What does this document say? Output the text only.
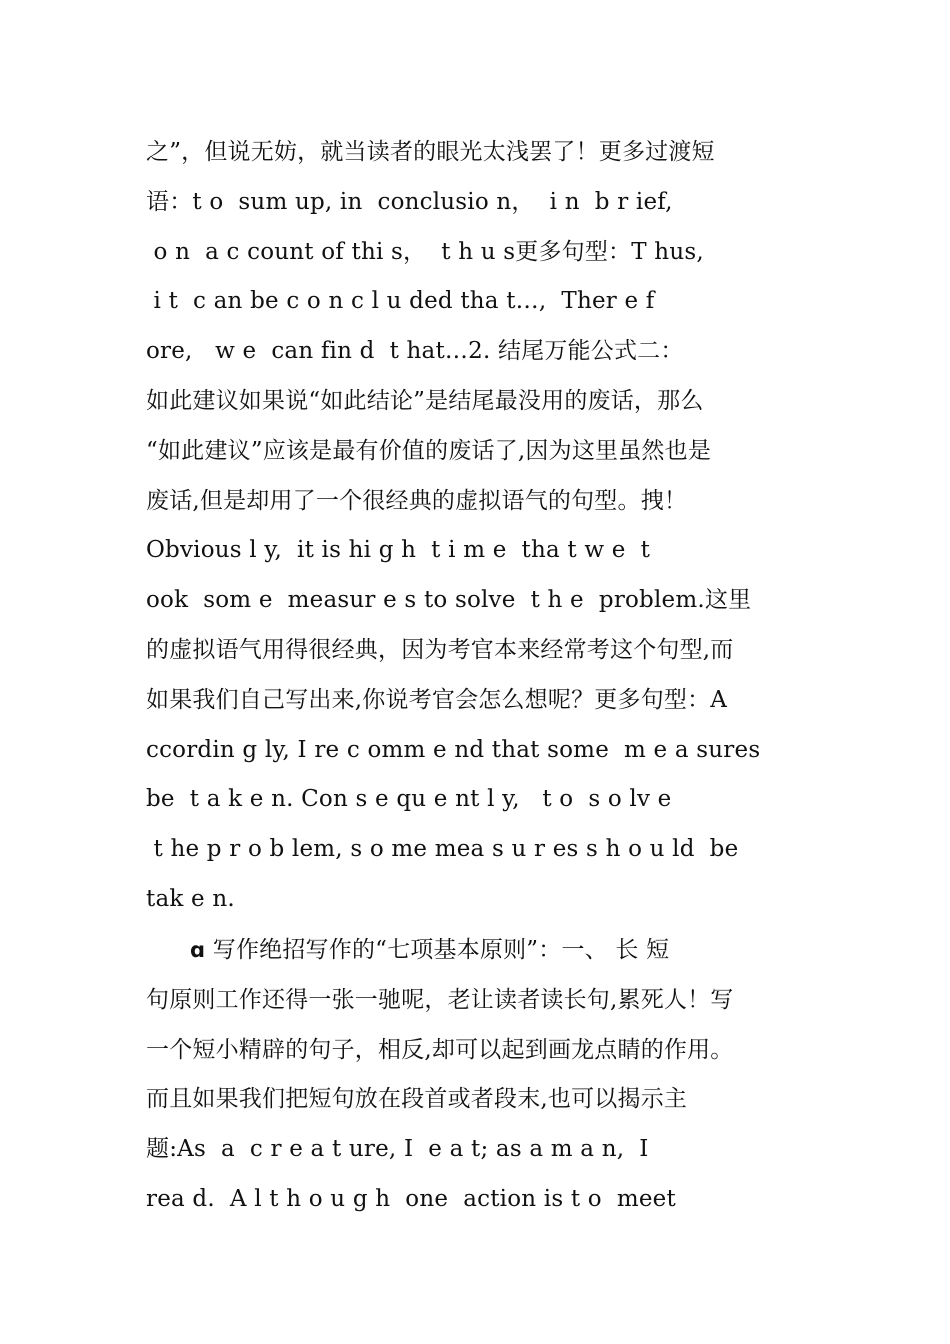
之”，但说无妨，就当读者的眼光太浅罢了！更多过渡短
语：t o  sum up, in  conclusio n，  i n  b r ief,
o n  a c count of thi s，  t h u s更多句型：T hus,
i t  c an be c o n c l u ded tha t…,  Ther e f
ore,   w e  can fin d  t hat…2. 结尾万能公式二：
如此建议如果说“如此结论”是结尾最没用的废话，那么
“如此建议”应该是最有价值的废话了,因为这里虽然也是
废话,但是却用了一个很经典的虚拟语气的句型。拽！
Obvious l y,  it is hi g h  t i m e  tha t w e  t
ook  som e  measur e s to solve  t h e  problem.这里
的虚拟语气用得很经典，因为考官本来经常考这个句型,而
如果我们自己写出来,你说考官会怎么想呢？更多句型：A
ccordin g ly, I re c omm e nd that some  m e a sures
be  t a k e n. Con s e qu e nt l y,   t o  s o lv e
t he p r o b lem, s o me mea s u r es s h o u ld  be
tak e n.
ɑ 写作绝招写作的“七项基本原则”：一、 长 短
句原则工作还得一张一驰呢，老让读者读长句,累死人！写
一个短小精辟的句子，相反,却可以起到画龙点睛的作用。
而且如果我们把短句放在段首或者段末,也可以揭示主
题:As  a  c r e a t ure, I  e a t; as a m a n,  I
rea d.  A l t h o u g h  one  action is t o  meet
